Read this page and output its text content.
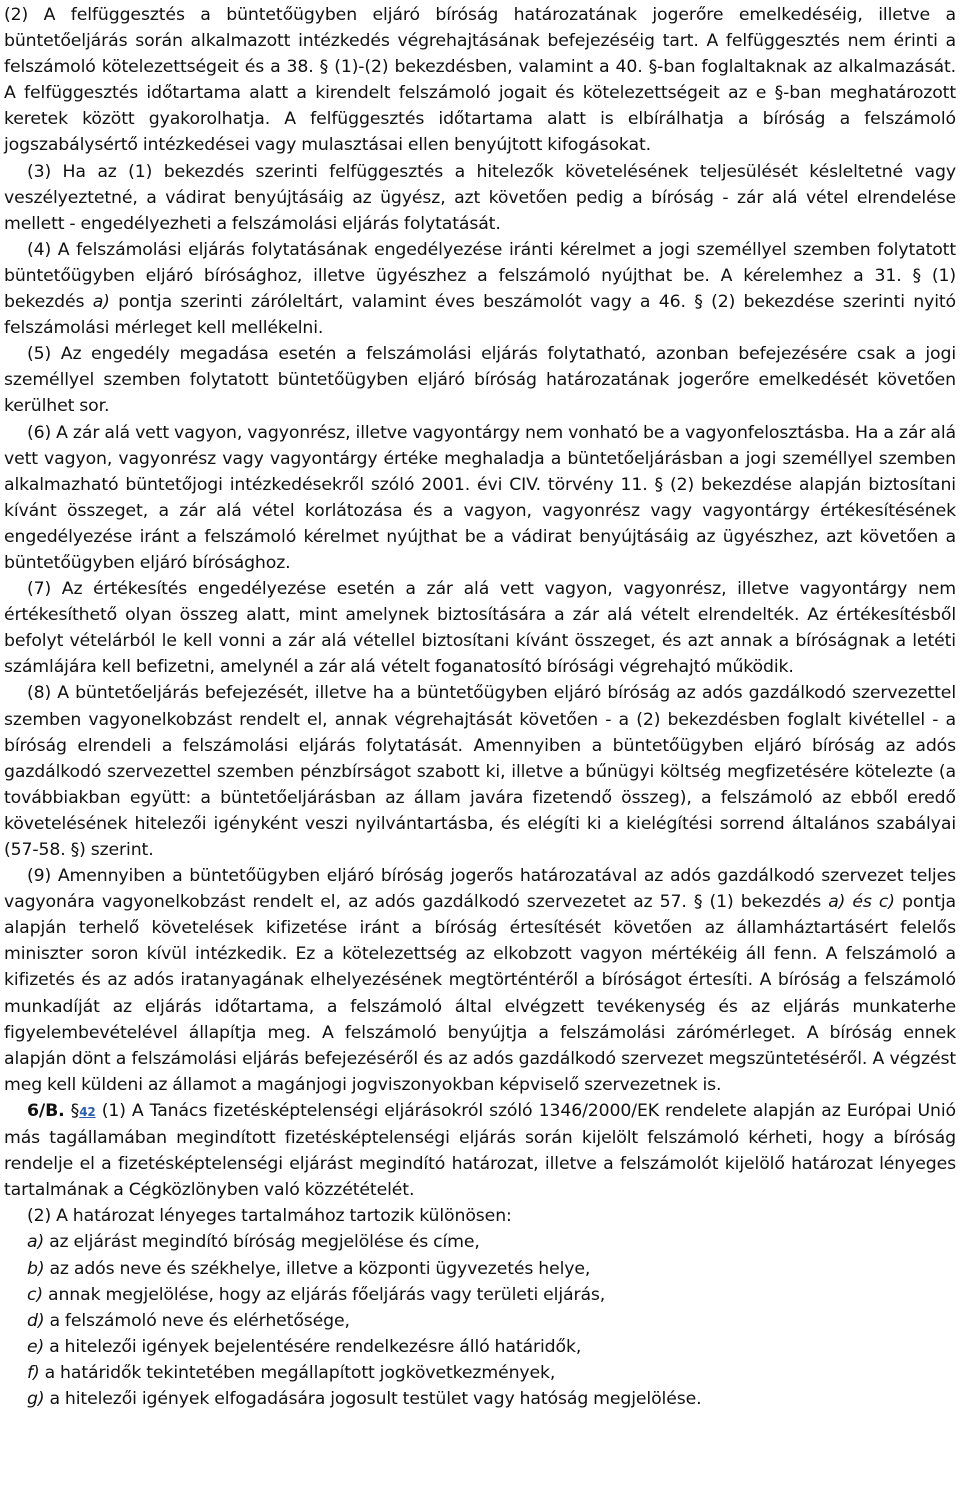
(2) A felfüggesztés a büntetőügyben eljáró bíróság határozatának jogerőre emelkedéséig, illetve a büntetőeljárás során alkalmazott intézkedés végrehajtásának befejezéséig tart. A felfüggesztés nem érinti a felszámoló kötelezettségeit és a 38. § (1)-(2) bekezdésben, valamint a 40. §-ban foglaltaknak az alkalmazását. A felfüggesztés időtartama alatt a kirendelt felszámoló jogait és kötelezettségeit az e §-ban meghatározott keretek között gyakorolhatja. A felfüggesztés időtartama alatt is elbírálhatja a bíróság a felszámoló jogszabálysértő intézkedései vagy mulasztásai ellen benyújtott kifogásokat.

(3) Ha az (1) bekezdés szerinti felfüggesztés a hitelezők követelésének teljesülését késleltetné vagy veszélyeztetné, a vádirat benyújtásáig az ügyész, azt követően pedig a bíróság - zár alá vétel elrendelése mellett - engedélyezheti a felszámolási eljárás folytatását.

(4) A felszámolási eljárás folytatásának engedélyezése iránti kérelmet a jogi személlyel szemben folytatott büntetőügyben eljáró bírósághoz, illetve ügyészhez a felszámoló nyújthat be. A kérelemhez a 31. § (1) bekezdés a) pontja szerinti záróleltárt, valamint éves beszámolót vagy a 46. § (2) bekezdése szerinti nyitó felszámolási mérleget kell mellékelni.

(5) Az engedély megadása esetén a felszámolási eljárás folytatható, azonban befejezésére csak a jogi személlyel szemben folytatott büntetőügyben eljáró bíróság határozatának jogerőre emelkedését követően kerülhet sor.

(6) A zár alá vett vagyon, vagyonrész, illetve vagyontárgy nem vonható be a vagyonfelosztásba. Ha a zár alá vett vagyon, vagyonrész vagy vagyontárgy értéke meghaladja a büntetőeljárásban a jogi személlyel szemben alkalmazható büntetőjogi intézkedésekről szóló 2001. évi CIV. törvény 11. § (2) bekezdése alapján biztosítani kívánt összeget, a zár alá vétel korlátozása és a vagyon, vagyonrész vagy vagyontárgy értékesítésének engedélyezése iránt a felszámoló kérelmet nyújthat be a vádirat benyújtásáig az ügyészhez, azt követően a büntetőügyben eljáró bírósághoz.

(7) Az értékesítés engedélyezése esetén a zár alá vett vagyon, vagyonrész, illetve vagyontárgy nem értékesíthető olyan összeg alatt, mint amelynek biztosítására a zár alá vételt elrendelték. Az értékesítésből befolyt vételárból le kell vonni a zár alá vétellel biztosítani kívánt összeget, és azt annak a bíróságnak a letéti számlájára kell befizetni, amelynél a zár alá vételt foganatosító bírósági végrehajtó működik.

(8) A büntetőeljárás befejezését, illetve ha a büntetőügyben eljáró bíróság az adós gazdálkodó szervezettel szemben vagyonelkobzást rendelt el, annak végrehajtását követően - a (2) bekezdésben foglalt kivétellel - a bíróság elrendeli a felszámolási eljárás folytatását. Amennyiben a büntetőügyben eljáró bíróság az adós gazdálkodó szervezettel szemben pénzbírságot szabott ki, illetve a bűnügyi költség megfizetésére kötelezte (a továbbiakban együtt: a büntetőeljárásban az állam javára fizetendő összeg), a felszámoló az ebből eredő követelésének hitelezői igényként veszi nyilvántartásba, és elégíti ki a kielégítési sorrend általános szabályai (57-58. §) szerint.

(9) Amennyiben a büntetőügyben eljáró bíróság jogerős határozatával az adós gazdálkodó szervezet teljes vagyonára vagyonelkobzást rendelt el, az adós gazdálkodó szervezetet az 57. § (1) bekezdés a) és c) pontja alapján terhelő követelések kifizetése iránt a bíróság értesítését követően az államháztartásért felelős miniszter soron kívül intézkedik. Ez a kötelezettség az elkobzott vagyon mértékéig áll fenn. A felszámoló a kifizetés és az adós iratanyagának elhelyezésének megtörténtéről a bíróságot értesíti. A bíróság a felszámoló munkadíját az eljárás időtartama, a felszámoló által elvégzett tevékenység és az eljárás munkaterhe figyelembevételével állapítja meg. A felszámoló benyújtja a felszámolási zárómérleget. A bíróság ennek alapján dönt a felszámolási eljárás befejezéséről és az adós gazdálkodó szervezet megszüntetéséről. A végzést meg kell küldeni az államot a magánjogi jogviszonyokban képviselő szervezetnek is.

6/B. §42 (1) A Tanács fizetésképtelenségi eljárásokról szóló 1346/2000/EK rendelete alapján az Európai Unió más tagállamában megindított fizetésképtelenségi eljárás során kijelölt felszámoló kérheti, hogy a bíróság rendelje el a fizetésképtelenségi eljárást megindító határozat, illetve a felszámolót kijelölő határozat lényeges tartalmának a Cégközlönyben való közzétételét.

(2) A határozat lényeges tartalmához tartozik különösen:

a) az eljárást megindító bíróság megjelölése és címe,

b) az adós neve és székhelye, illetve a központi ügyvezetés helye,

c) annak megjelölése, hogy az eljárás főeljárás vagy területi eljárás,

d) a felszámoló neve és elérhetősége,

e) a hitelezői igények bejelentésére rendelkezésre álló határidők,

f) a határidők tekintetében megállapított jogkövetkezmények,

g) a hitelezői igények elfogadására jogosult testület vagy hatóság megjelölése.
